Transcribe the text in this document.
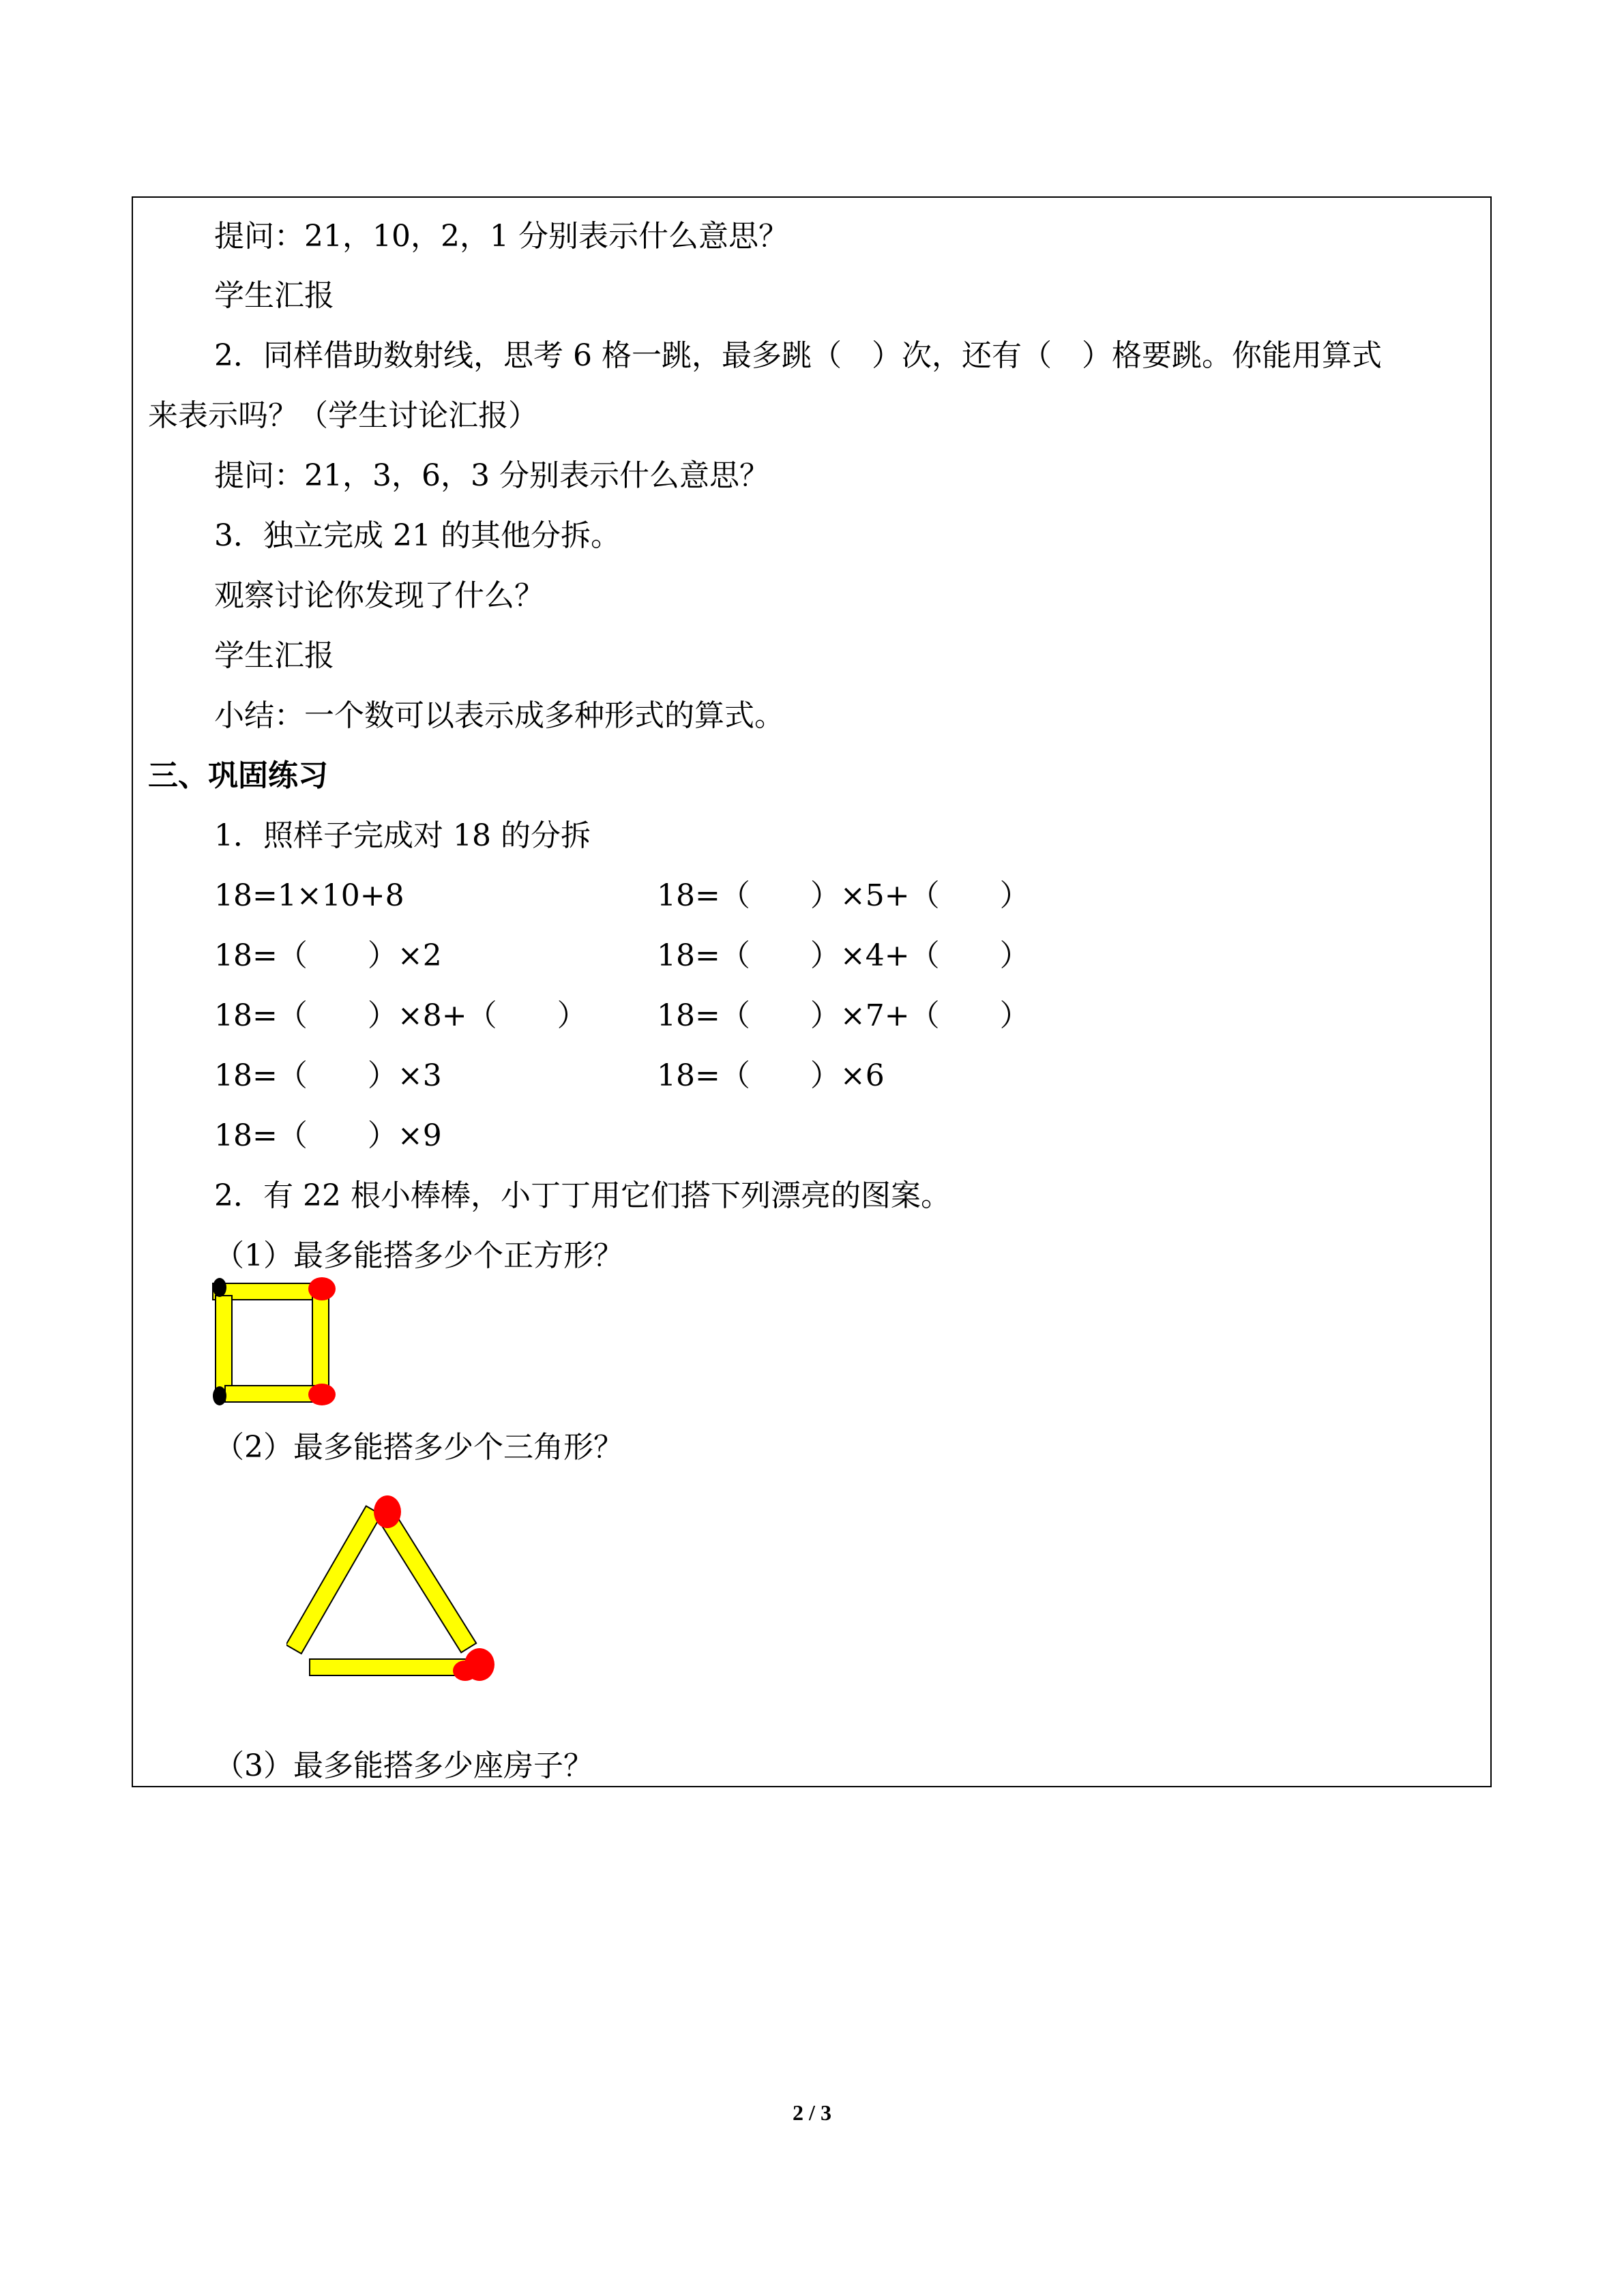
提问：21，10，2，1 分别表示什么意思？
学生汇报
2．同样借助数射线，思考 6 格一跳，最多跳（　）次，还有（　）格要跳。你能用算式
来表示吗？（学生讨论汇报）
提问：21，3，6，3 分别表示什么意思？
3．独立完成 21 的其他分拆。
观察讨论你发现了什么？
学生汇报
小结：一个数可以表示成多种形式的算式。
三、巩固练习
1．照样子完成对 18 的分拆
18=1×10+8	18=（　　）×5+（　　）
18=（　　）×2	18=（　　）×4+（　　）
18=（　　）×8+（　　） 18=（　　）×7+（　　）
18=（　　）×3	18=（　　）×6
18=（　　）×9
2．有 22 根小棒棒，小丁丁用它们搭下列漂亮的图案。
（1）最多能搭多少个正方形？
（2）最多能搭多少个三角形？
（3）最多能搭多少座房子？
2 / 3
